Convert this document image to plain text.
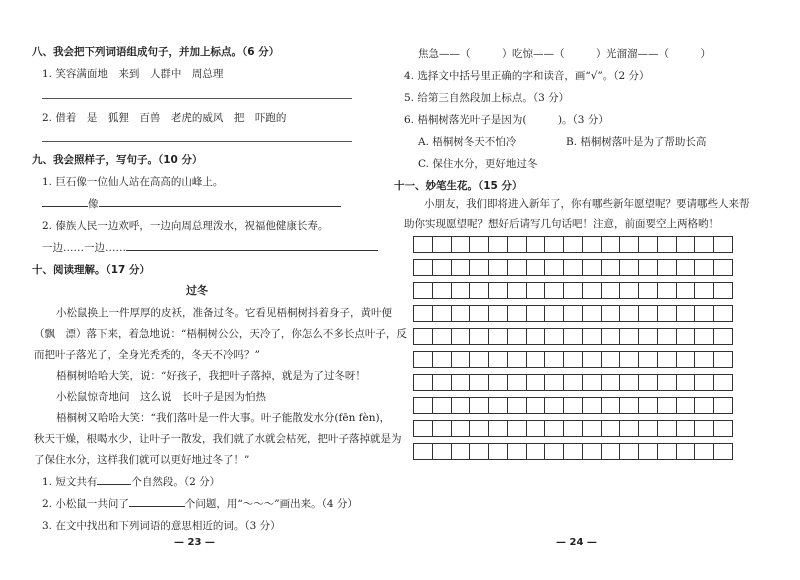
八、我会把下列词语组成句子，并加上标点。（6 分）
1. 笑容满面地　来到　人群中　周总理
2. 借着　是　狐狸　百兽　老虎的威风　把　吓跑的
九、我会照样子，写句子。（10 分）
1. 巨石像一位仙人站在高高的山峰上。
像
2. 傣族人民一边欢呼，一边向周总理泼水，祝福他健康长寿。
一边……一边……
十、阅读理解。（17 分）
过冬
小松鼠换上一件厚厚的皮袄，准备过冬。它看见梧桐树抖着身子，黄叶便
（飘　漂）落下来，着急地说：“梧桐树公公，天冷了，你怎么不多长点叶子，反
而把叶子落光了，全身光秃秃的，冬天不冷吗？”
梧桐树哈哈大笑，说：“好孩子，我把叶子落掉，就是为了过冬呀！
小松鼠惊奇地问　这么说　长叶子是因为怕热
梧桐树又哈哈大笑：“我们落叶是一件大事。叶子能散发水分(fēn fèn)，
秋天干燥，根喝水少，让叶子一散发，我们就了水就会枯死，把叶子落掉就是为
了保住水分，这样我们就可以更好地过冬了！”
1. 短文共有	个自然段。（2 分）
2. 小松鼠一共问了	个问题，用“～～～”画出来。（4 分）
3. 在文中找出和下列词语的意思相近的词。（3 分）
— 23 —
焦急——（　　　） 吃惊——（　　　） 光溜溜——（　　　）
4. 选择文中括号里正确的字和读音，画“√”。（2 分）
5. 给第三自然段加上标点。（3 分）
6. 梧桐树落光叶子是因为(　　　)。（3 分）
A. 梧桐树冬天不怕冷	B. 梧桐树落叶是为了帮助长高
C. 保住水分，更好地过冬
十一、妙笔生花。（15 分）
小朋友，我们即将进入新年了，你有哪些新年愿望呢？要请哪些人来帮
助你实现愿望呢？想好后请写几句话吧！注意，前面要空上两格哟！
— 24 —
